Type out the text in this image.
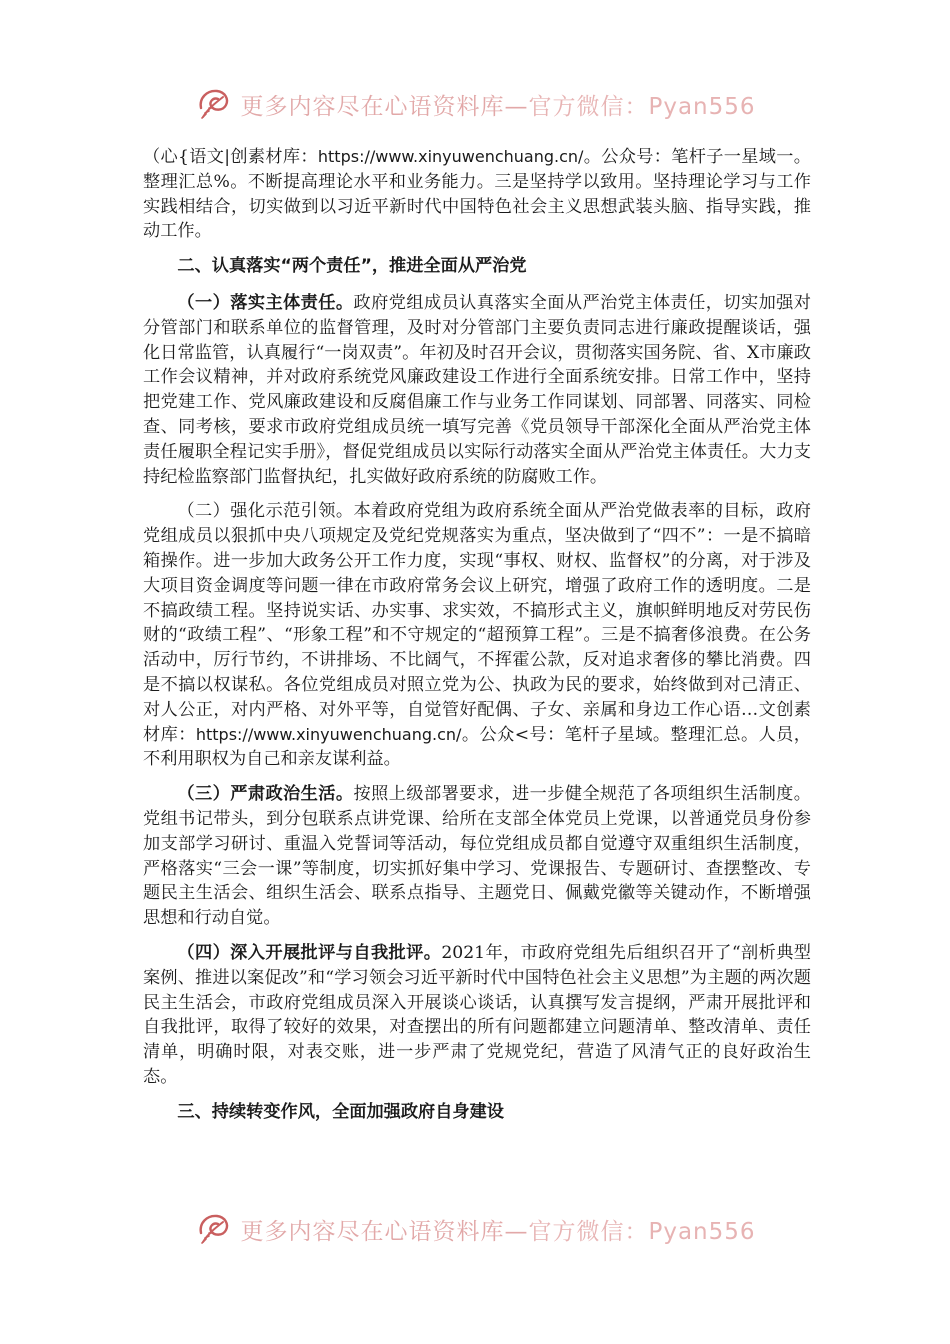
更多内容尽在心语资料库—官方微信：Pyan556

（心{语文|创素材库：https://www.xinyuwenchuang.cn/。公众号：笔杆子一星域一。整理汇总%。不断提高理论水平和业务能力。三是坚持学以致用。坚持理论学习与工作实践相结合，切实做到以习近平新时代中国特色社会主义思想武装头脑、指导实践，推动工作。

二、认真落实“两个责任”，推进全面从严治党

（一）落实主体责任。政府党组成员认真落实全面从严治党主体责任，切实加强对分管部门和联系单位的监督管理，及时对分管部门主要负责同志进行廉政提醒谈话，强化日常监管，认真履行“一岗双责”。年初及时召开会议，贯彻落实国务院、省、X市廉政工作会议精神，并对政府系统党风廉政建设工作进行全面系统安排。日常工作中，坚持把党建工作、党风廉政建设和反腐倡廉工作与业务工作同谋划、同部署、同落实、同检查、同考核，要求市政府党组成员统一填写完善《党员领导干部深化全面从严治党主体责任履职全程记实手册》，督促党组成员以实际行动落实全面从严治党主体责任。大力支持纪检监察部门监督执纪，扎实做好政府系统的防腐败工作。

（二）强化示范引领。本着政府党组为政府系统全面从严治党做表率的目标，政府党组成员以狠抓中央八项规定及党纪党规落实为重点，坚决做到了“四不”：一是不搞暗箱操作。进一步加大政务公开工作力度，实现“事权、财权、监督权”的分离，对于涉及大项目资金调度等问题一律在市政府常务会议上研究，增强了政府工作的透明度。二是不搞政绩工程。坚持说实话、办实事、求实效，不搞形式主义，旗帜鲜明地反对劳民伤财的“政绩工程”、“形象工程”和不守规定的“超预算工程”。三是不搞奢侈浪费。在公务活动中，厉行节约，不讲排场、不比阔气，不挥霍公款，反对追求奢侈的攀比消费。四是不搞以权谋私。各位党组成员对照立党为公、执政为民的要求，始终做到对己清正、对人公正，对内严格、对外平等，自觉管好配偶、子女、亲属和身边工作心语…文创素材库：https://www.xinyuwenchuang.cn/。公众<号：笔杆子星域。整理汇总。人员，不利用职权为自己和亲友谋利益。

（三）严肃政治生活。按照上级部署要求，进一步健全规范了各项组织生活制度。党组书记带头，到分包联系点讲党课、给所在支部全体党员上党课，以普通党员身份参加支部学习研讨、重温入党誓词等活动，每位党组成员都自觉遵守双重组织生活制度，严格落实“三会一课”等制度，切实抓好集中学习、党课报告、专题研讨、查摆整改、专题民主生活会、组织生活会、联系点指导、主题党日、佩戴党徽等关键动作，不断增强思想和行动自觉。

（四）深入开展批评与自我批评。2021年，市政府党组先后组织召开了“剖析典型案例、推进以案促改”和“学习领会习近平新时代中国特色社会主义思想”为主题的两次题民主生活会，市政府党组成员深入开展谈心谈话，认真撰写发言提纲，严肃开展批评和自我批评，取得了较好的效果，对查摆出的所有问题都建立问题清单、整改清单、责任清单，明确时限，对表交账，进一步严肃了党规党纪，营造了风清气正的良好政治生态。

三、持续转变作风，全面加强政府自身建设

更多内容尽在心语资料库—官方微信：Pyan556
